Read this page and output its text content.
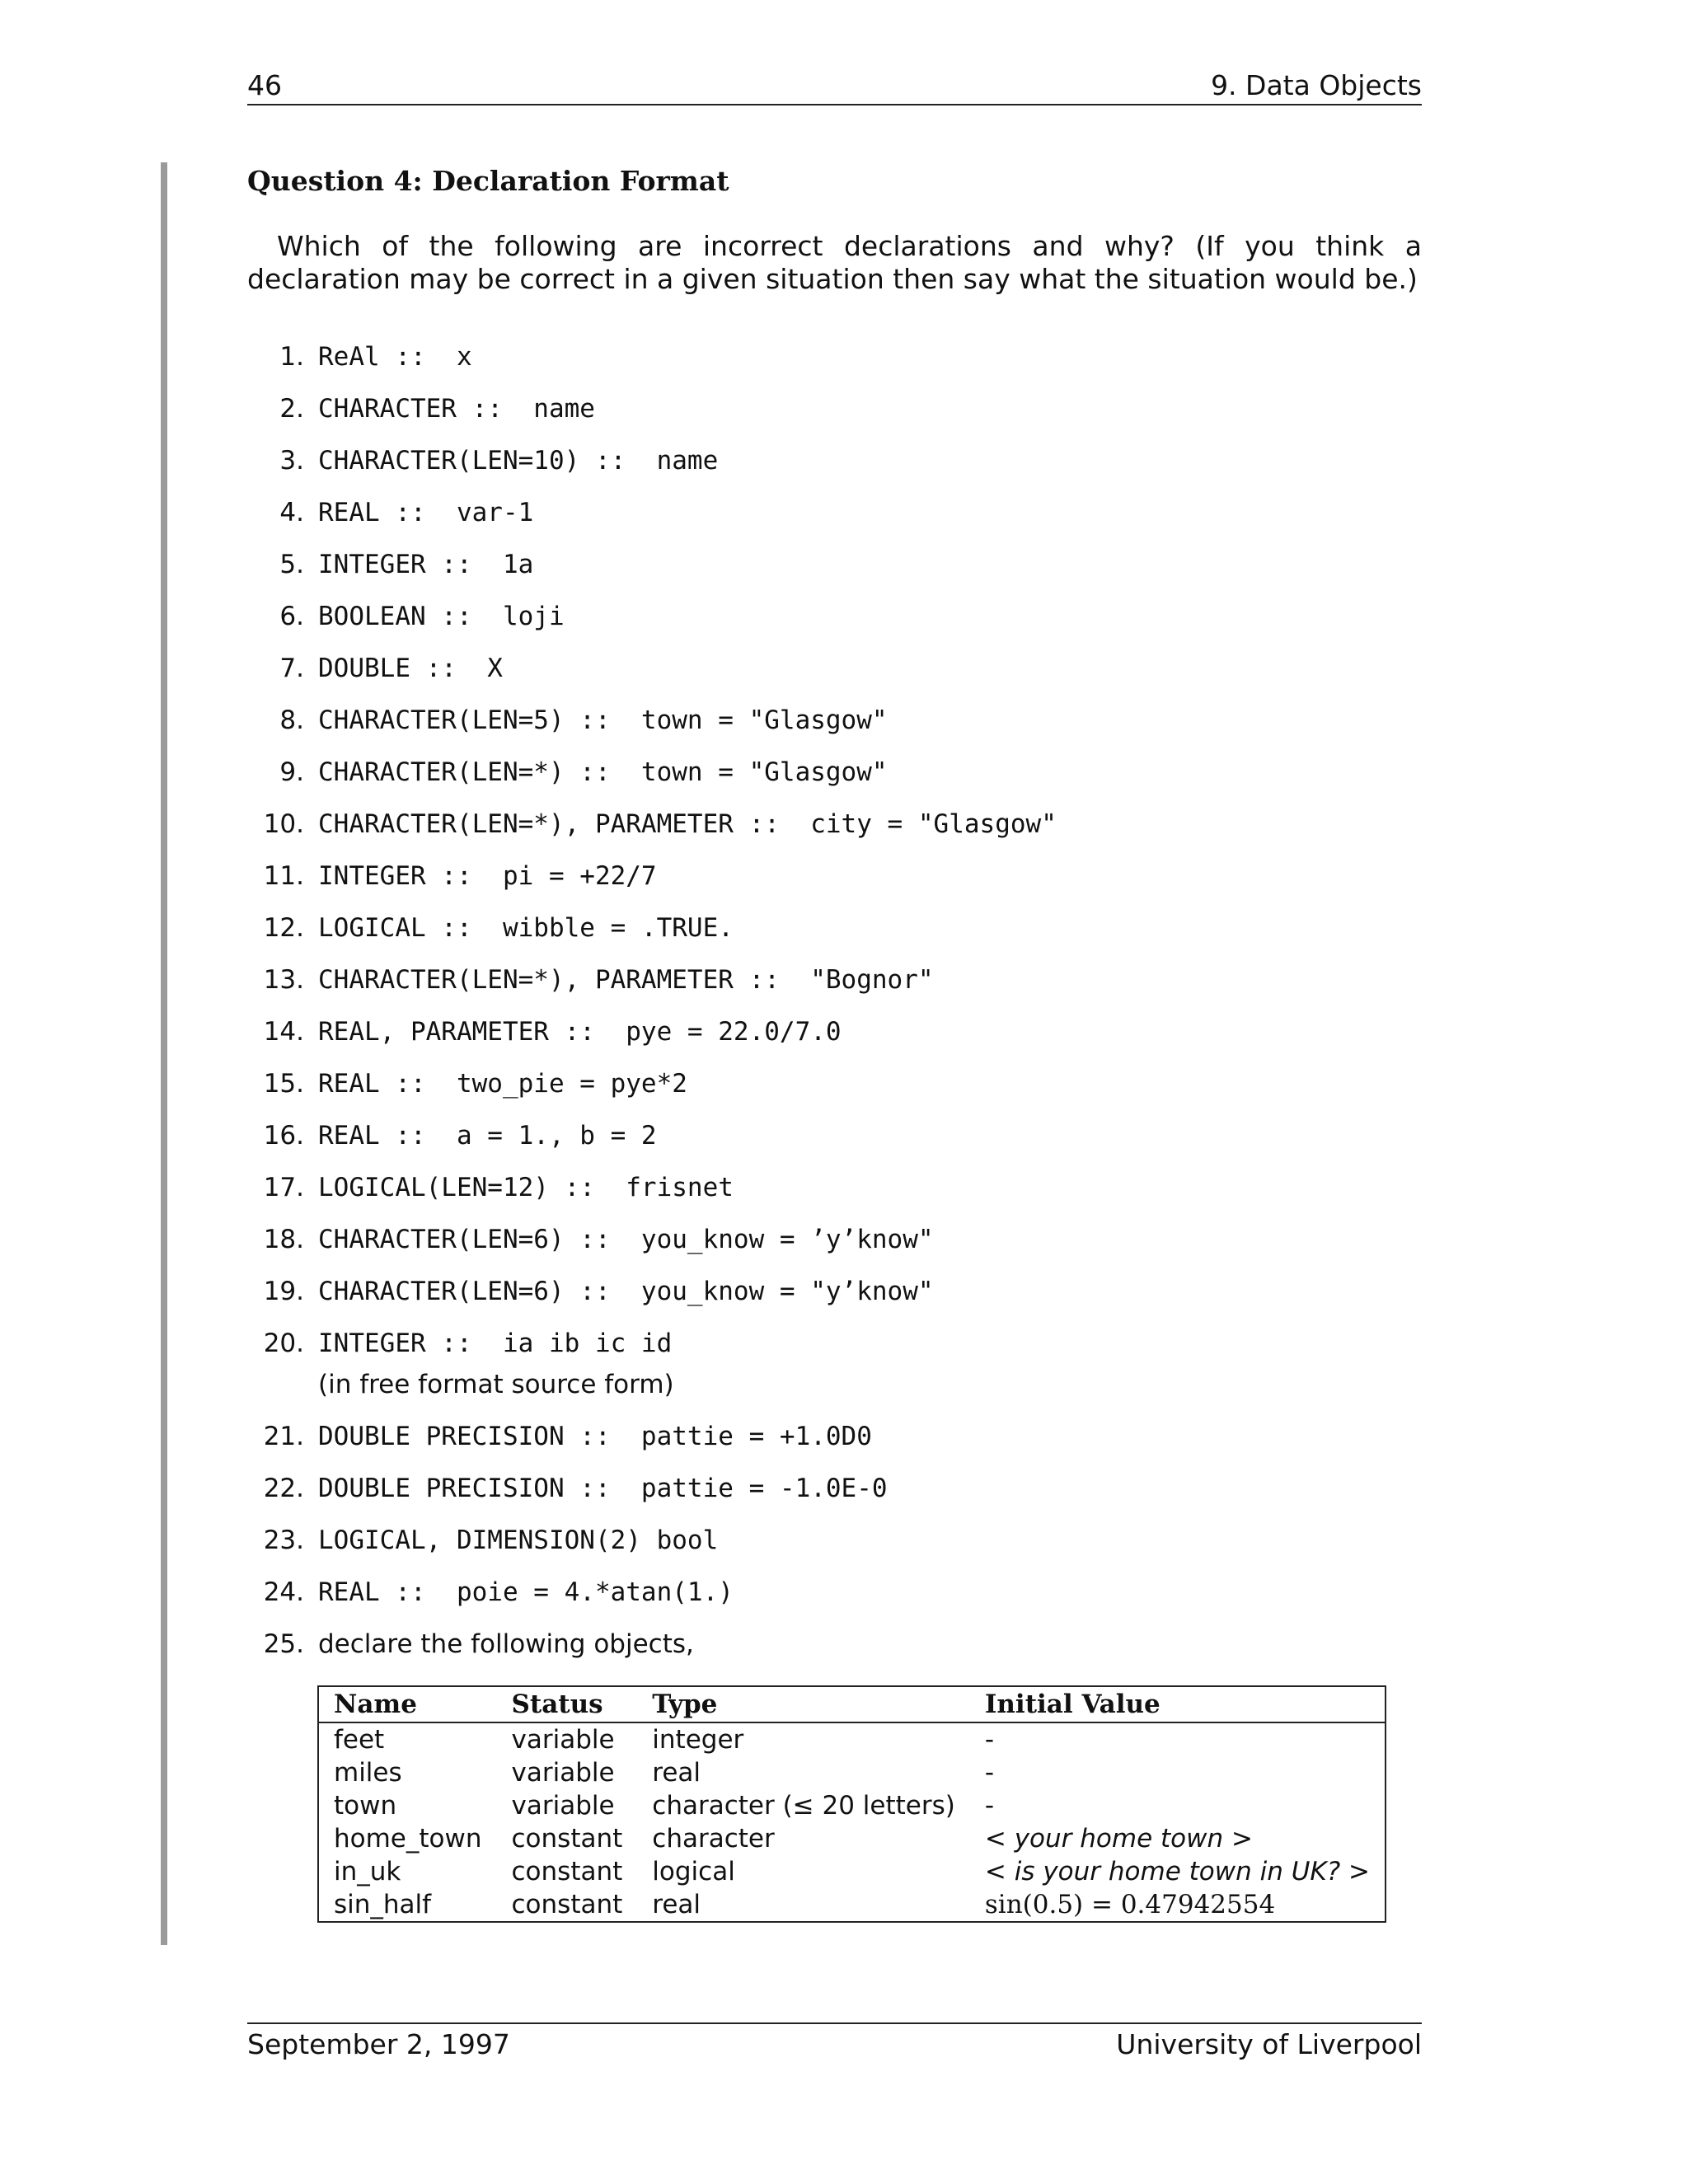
46	9. Data Objects
Question 4: Declaration Format
Which of the following are incorrect declarations and why? (If you think a declaration may be correct in a given situation then say what the situation would be.)
1. ReAl ::  x
2. CHARACTER ::  name
3. CHARACTER(LEN=10) ::  name
4. REAL ::  var-1
5. INTEGER ::  1a
6. BOOLEAN ::  loji
7. DOUBLE ::  X
8. CHARACTER(LEN=5) ::  town = "Glasgow"
9. CHARACTER(LEN=*) ::  town = "Glasgow"
10. CHARACTER(LEN=*), PARAMETER ::  city = "Glasgow"
11. INTEGER ::  pi = +22/7
12. LOGICAL ::  wibble = .TRUE.
13. CHARACTER(LEN=*), PARAMETER ::  "Bognor"
14. REAL, PARAMETER ::  pye = 22.0/7.0
15. REAL ::  two_pie = pye*2
16. REAL ::  a = 1., b = 2
17. LOGICAL(LEN=12) ::  frisnet
18. CHARACTER(LEN=6) ::  you_know = ’y’know"
19. CHARACTER(LEN=6) ::  you_know = "y’know"
20. INTEGER ::  ia ib ic id
(in free format source form)
21. DOUBLE PRECISION ::  pattie = +1.0D0
22. DOUBLE PRECISION ::  pattie = -1.0E-0
23. LOGICAL, DIMENSION(2) bool
24. REAL ::  poie = 4.*atan(1.)
25. declare the following objects,
Name	Status	Type	Initial Value
feet	variable	integer	-
miles	variable	real	-
town	variable	character (≤ 20 letters)	-
home_town	constant	character	< your home town >
in_uk	constant	logical	< is your home town in UK? >
sin_half	constant	real	sin(0.5) = 0.47942554
September 2, 1997	University of Liverpool
